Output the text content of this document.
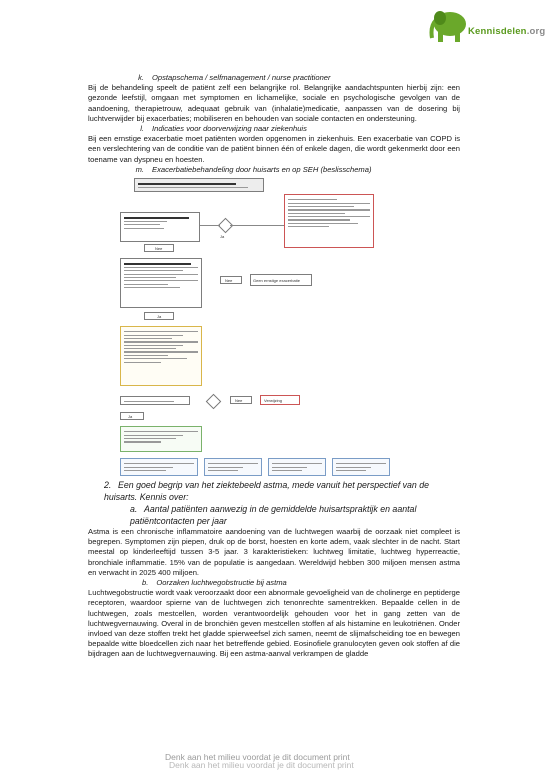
Kennisdelen.org
k. Opstapschema / selfmanagement / nurse practitioner

Bij de behandeling speelt de patiënt zelf een belangrijke rol. Belangrijke aandachtspunten hierbij zijn: een gezonde leefstijl, omgaan met symptomen en lichamelijke, sociale en psychologische gevolgen van de aandoening, therapietrouw, adequaat gebruik van (inhalatie)medicatie, aanpassen van de dosering bij luchtverwijder bij exacerbaties; mobiliseren en behouden van sociale contacten en ondersteuning.

l. Indicaties voor doorverwijzing naar ziekenhuis

Bij een ernstige exacerbatie moet patiënten worden opgenomen in ziekenhuis. Een exacerbatie van COPD is een verslechtering van de conditie van de patiënt binnen één of enkele dagen, die wordt gekenmerkt door een toename van dyspneu en hoesten.

m. Exacerbatiebehandeling door huisarts en op SEH (beslisschema)
Ja
Nee
Nee	Geen ernstige exacerbatie
Ja
Nee	Verwijzing
Ja
2. Een goed begrip van het ziektebeeld astma, mede vanuit het perspectief van de huisarts. Kennis over:
a. Aantal patiënten aanwezig in de gemiddelde huisartspraktijk en aantal patiëntcontacten per jaar

Astma is een chronische inflammatoire aandoening van de luchtwegen waarbij de oorzaak niet compleet is begrepen. Symptomen zijn piepen, druk op de borst, hoesten en korte adem, vaak slechter in de nacht. Start meestal op kinderleeftijd tussen 3-5 jaar. 3 karakteristieken: luchtweg limitatie, luchtweg hyperreactie, bronchiale inflammatie. 15% van de populatie is aangedaan. Wereldwijd hebben 300 miljoen mensen astma en verwacht in 2025 400 miljoen.

b. Oorzaken luchtwegobstructie bij astma

Luchtwegobstructie wordt vaak veroorzaakt door een abnormale gevoeligheid van de cholinerge en peptiderge receptoren, waardoor spierne van de luchtwegen zich tenonrechte samentrekken. Bepaalde cellen in de luchtwegen, zoals mestcellen, worden verantwoordelijk gehouden voor het in gang zetten van de luchtwegvernauwing. Overal in de bronchiën geven mestcellen stoffen af als histamine en leukotriënen. Onder invloed van deze stoffen trekt het gladde spierweefsel zich samen, neemt de slijmafscheiding toe en bewegen bepaalde witte bloedcellen zich naar het betreffende gebied. Eosinofiele granulocyten geven ook stoffen af die bijdragen aan de luchtwegvernauwing. Bij een astma-aanval verkrampen de gladde

Denk aan het milieu voordat je dit document print
Denk aan het milieu voordat je dit document print
